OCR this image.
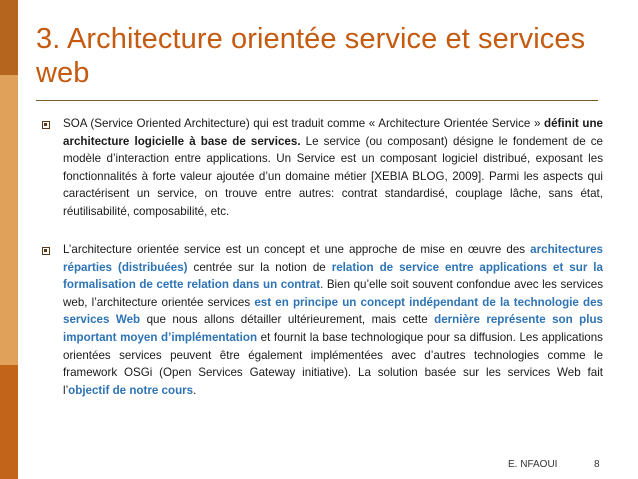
3. Architecture orientée service et services web
SOA (Service Oriented Architecture) qui est traduit comme « Architecture Orientée Service » définit une architecture logicielle à base de services. Le service (ou composant) désigne le fondement de ce modèle d’interaction entre applications. Un Service est un composant logiciel distribué, exposant les fonctionnalités à forte valeur ajoutée d’un domaine métier [XEBIA BLOG, 2009]. Parmi les aspects qui caractérisent un service, on trouve entre autres: contrat standardisé, couplage lâche, sans état, réutilisabilité, composabilité, etc.
L’architecture orientée service est un concept et une approche de mise en œuvre des architectures réparties (distribuées) centrée sur la notion de relation de service entre applications et sur la formalisation de cette relation dans un contrat. Bien qu’elle soit souvent confondue avec les services web, l’architecture orientée services est en principe un concept indépendant de la technologie des services Web que nous allons détailler ultérieurement, mais cette dernière représente son plus important moyen d’implémentation et fournit la base technologique pour sa diffusion. Les applications orientées services peuvent être également implémentées avec d’autres technologies comme le framework OSGi (Open Services Gateway initiative). La solution basée sur les services Web fait l’objectif de notre cours.
E. NFAOUI	8
